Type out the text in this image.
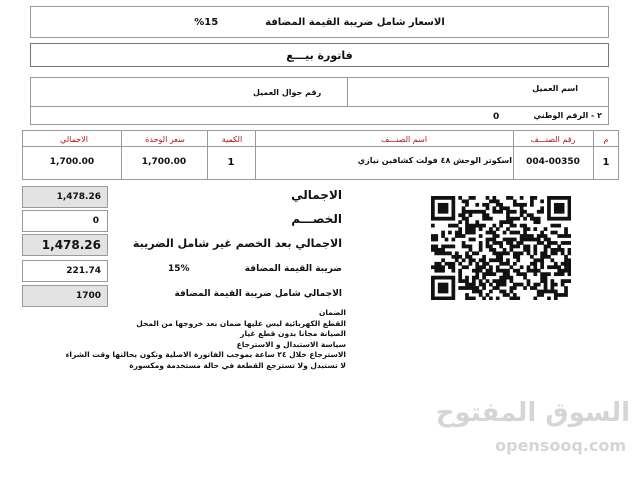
الاسعار شامل ضريبة القيمة المضافة  15%
فاتورة بيـــع
اسم العميل
رقم جوال العميل
٢ - الرقم الوطني
0
م
رقم الصنـــف
اسم الصنـــف
الكمية
سعر الوحدة
الاجمالي
1
004-00350
اسكوتر الوحش ٤٨ فولت كشافين نيازي
1
1,700.00
1,700.00
1,478.26
0
1,478.26
221.74
1700
الاجمالي
الخصـــم
الاجمالي بعد الخصم غير شامل الضريبة
ضريبة القيمة المضافة
15%
الاجمالي شامل ضريبة القيمة المضافة
الضمان
القطع الكهربائية ليس عليها ضمان بعد خروجها من المحل
الصيانة مجانا بدون قطع غيار
سياسة الاستبدال و الاسترجاع
الاسترجاع خلال ٢٤ ساعة بموجب الفاتورة الاصلية وتكون بحالتها وقت الشراء
لا تستبدل ولا تسترجع القطعة في حالة مستخدمة ومكسورة
السوق المفتوح
opensooq.com
